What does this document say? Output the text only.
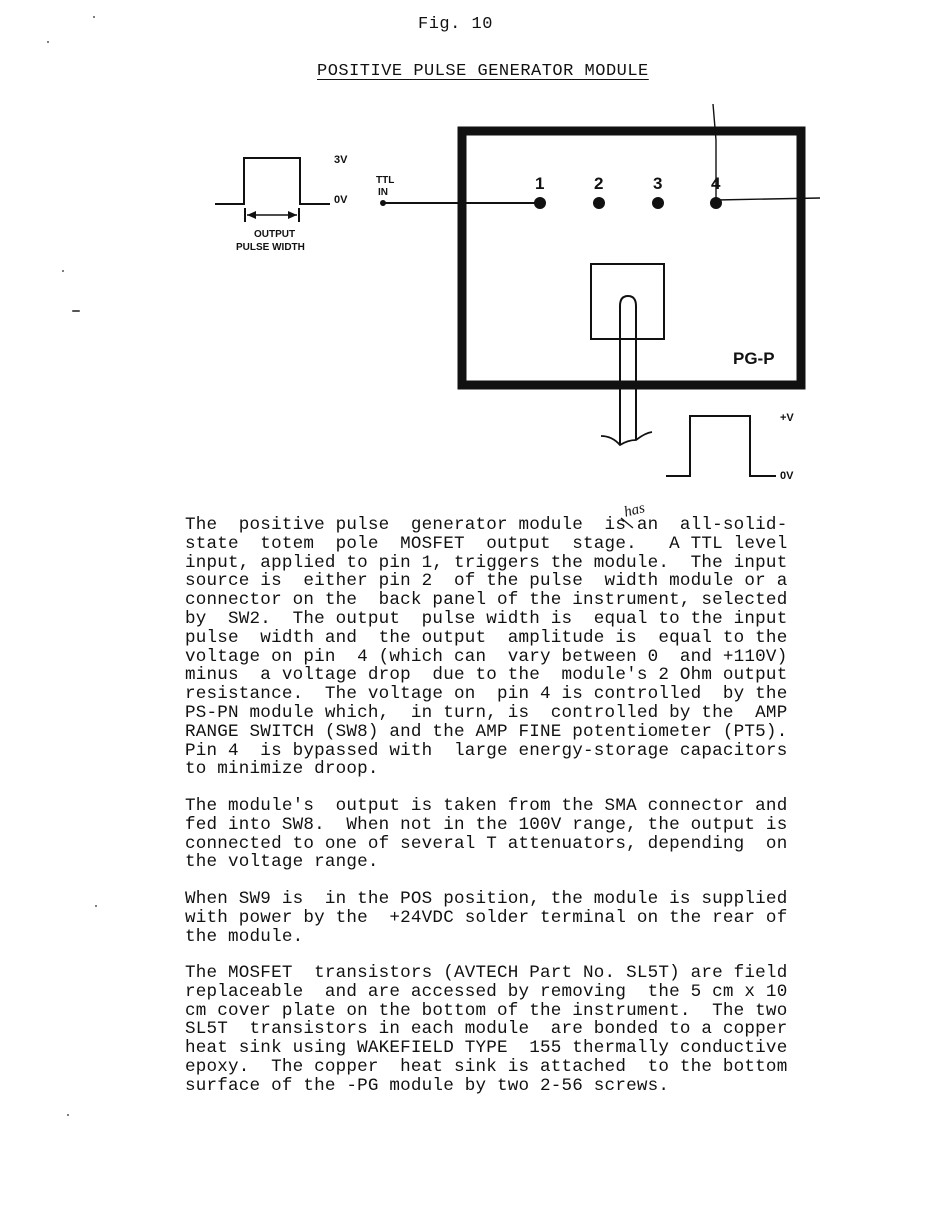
Fig. 10
POSITIVE PULSE GENERATOR MODULE
3V
0V
OUTPUT
PULSE WIDTH
TTL
IN	1	2	3	4
PG-P
+V
0V
has
The  positive pulse  generator module  is an  all-solid-
state  totem  pole  MOSFET  output  stage.   A TTL level
input, applied to pin 1, triggers the module.  The input
source is  either pin 2  of the pulse  width module or a
connector on the  back panel of the instrument, selected
by  SW2.  The output  pulse width is  equal to the input
pulse  width and  the output  amplitude is  equal to the
voltage on pin  4 (which can  vary between 0  and +110V)
minus  a voltage drop  due to the  module's 2 Ohm output
resistance.  The voltage on  pin 4 is controlled  by the
PS-PN module which,  in turn, is  controlled by the  AMP
RANGE SWITCH (SW8) and the AMP FINE potentiometer (PT5).
Pin 4  is bypassed with  large energy-storage capacitors
to minimize droop.
The module's  output is taken from the SMA connector and
fed into SW8.  When not in the 100V range, the output is
connected to one of several T attenuators, depending  on
the voltage range.
When SW9 is  in the POS position, the module is supplied
with power by the  +24VDC solder terminal on the rear of
the module.
The MOSFET  transistors (AVTECH Part No. SL5T) are field
replaceable  and are accessed by removing  the 5 cm x 10
cm cover plate on the bottom of the instrument.  The two
SL5T  transistors in each module  are bonded to a copper
heat sink using WAKEFIELD TYPE  155 thermally conductive
epoxy.  The copper  heat sink is attached  to the bottom
surface of the -PG module by two 2-56 screws.
